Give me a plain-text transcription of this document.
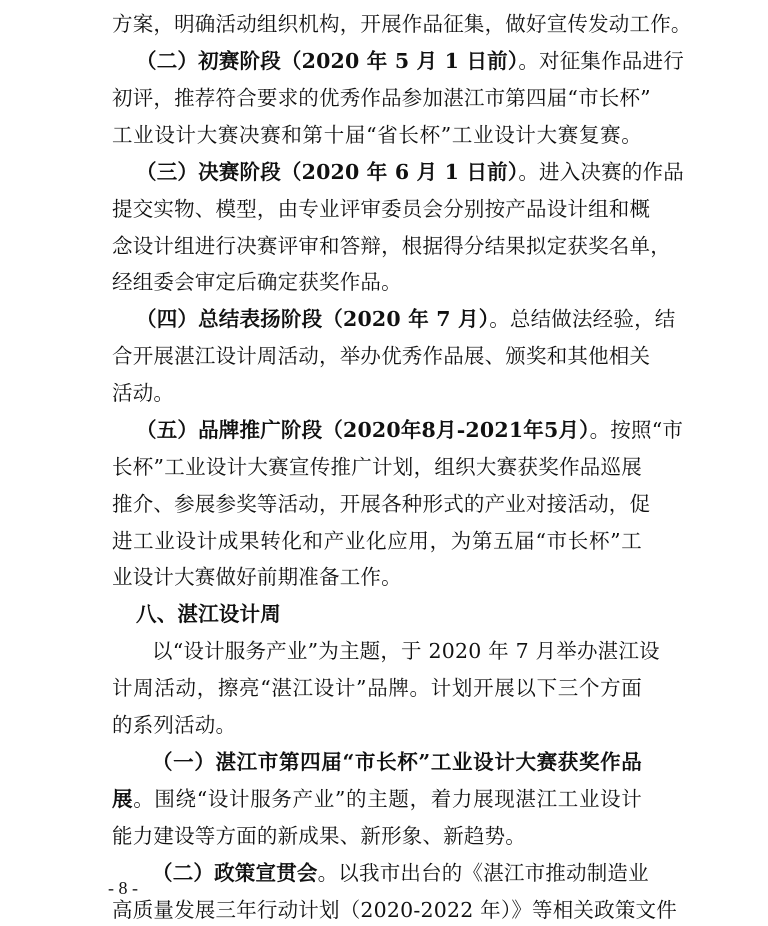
方案，明确活动组织机构，开展作品征集，做好宣传发动工作。
（二）初赛阶段（2020 年 5 月 1 日前）。对征集作品进行
初评，推荐符合要求的优秀作品参加湛江市第四届“市长杯”
工业设计大赛决赛和第十届“省长杯”工业设计大赛复赛。
（三）决赛阶段（2020 年 6 月 1 日前）。进入决赛的作品
提交实物、模型，由专业评审委员会分别按产品设计组和概
念设计组进行决赛评审和答辩，根据得分结果拟定获奖名单，
经组委会审定后确定获奖作品。
（四）总结表扬阶段（2020 年 7 月）。总结做法经验，结
合开展湛江设计周活动，举办优秀作品展、颁奖和其他相关
活动。
（五）品牌推广阶段（2020年8月-2021年5月）。按照“市
长杯”工业设计大赛宣传推广计划，组织大赛获奖作品巡展
推介、参展参奖等活动，开展各种形式的产业对接活动，促
进工业设计成果转化和产业化应用，为第五届“市长杯”工
业设计大赛做好前期准备工作。
八、湛江设计周
以“设计服务产业”为主题，于 2020 年 7 月举办湛江设
计周活动，擦亮“湛江设计”品牌。计划开展以下三个方面
的系列活动。
（一）湛江市第四届“市长杯”工业设计大赛获奖作品
展。围绕“设计服务产业”的主题，着力展现湛江工业设计
能力建设等方面的新成果、新形象、新趋势。
（二）政策宣贯会。以我市出台的《湛江市推动制造业
高质量发展三年行动计划（2020-2022 年）》等相关政策文件
- 8 -
